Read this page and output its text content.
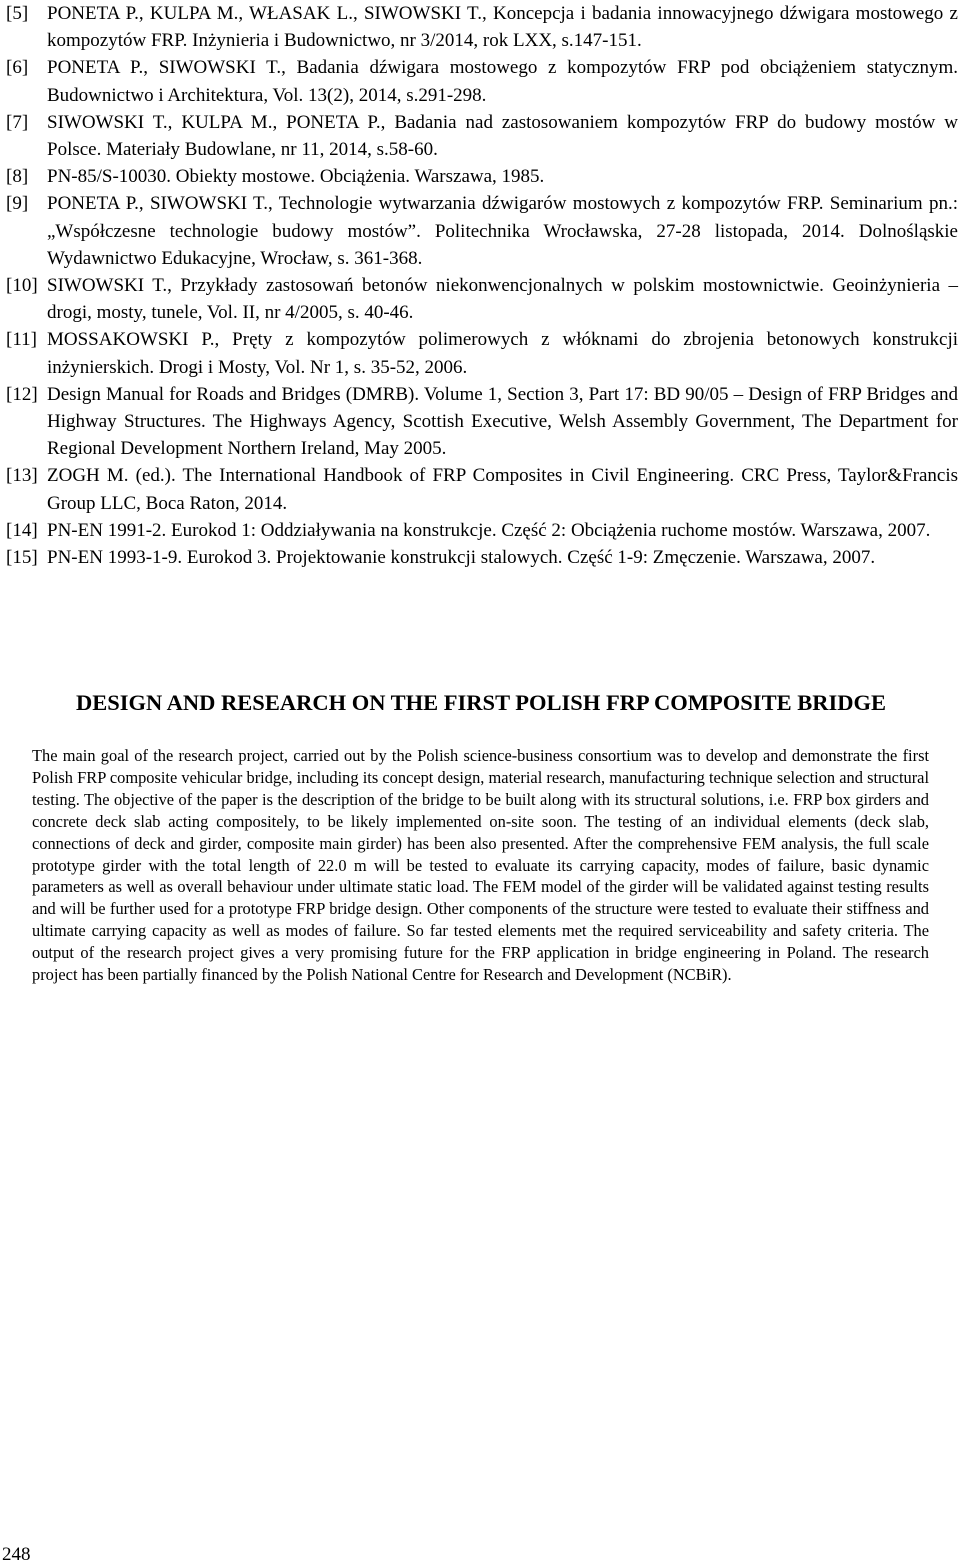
[5] PONETA P., KULPA M., WŁASAK L., SIWOWSKI T., Koncepcja i badania innowacyjnego dźwigara mostowego z kompozytów FRP. Inżynieria i Budownictwo, nr 3/2014, rok LXX, s.147-151.
[6] PONETA P., SIWOWSKI T., Badania dźwigara mostowego z kompozytów FRP pod obciążeniem statycznym. Budownictwo i Architektura, Vol. 13(2), 2014, s.291-298.
[7] SIWOWSKI T., KULPA M., PONETA P., Badania nad zastosowaniem kompozytów FRP do budowy mostów w Polsce. Materiały Budowlane, nr 11, 2014, s.58-60.
[8] PN-85/S-10030. Obiekty mostowe. Obciążenia. Warszawa, 1985.
[9] PONETA P., SIWOWSKI T., Technologie wytwarzania dźwigarów mostowych z kompozytów FRP. Seminarium pn.: „Współczesne technologie budowy mostów”. Politechnika Wrocławska, 27-28 listopada, 2014. Dolnośląskie Wydawnictwo Edukacyjne, Wrocław, s. 361-368.
[10] SIWOWSKI T., Przykłady zastosowań betonów niekonwencjonalnych w polskim mostownictwie. Geoinżynieria – drogi, mosty, tunele, Vol. II, nr 4/2005, s. 40-46.
[11] MOSSAKOWSKI P., Pręty z kompozytów polimerowych z włóknami do zbrojenia betonowych konstrukcji inżynierskich. Drogi i Mosty, Vol. Nr 1, s. 35-52, 2006.
[12] Design Manual for Roads and Bridges (DMRB). Volume 1, Section 3, Part 17: BD 90/05 – Design of FRP Bridges and Highway Structures. The Highways Agency, Scottish Executive, Welsh Assembly Government, The Department for Regional Development Northern Ireland, May 2005.
[13] ZOGH M. (ed.). The International Handbook of FRP Composites in Civil Engineering. CRC Press, Taylor&Francis Group LLC, Boca Raton, 2014.
[14] PN-EN 1991-2. Eurokod 1: Oddziaływania na konstrukcje. Część 2: Obciążenia ruchome mostów. Warszawa, 2007.
[15] PN-EN 1993-1-9. Eurokod 3. Projektowanie konstrukcji stalowych. Część 1-9: Zmęczenie. Warszawa, 2007.
DESIGN AND RESEARCH ON THE FIRST POLISH FRP COMPOSITE BRIDGE
The main goal of the research project, carried out by the Polish science-business consortium was to develop and demonstrate the first Polish FRP composite vehicular bridge, including its concept design, material research, manufacturing technique selection and structural testing. The objective of the paper is the description of the bridge to be built along with its structural solutions, i.e. FRP box girders and concrete deck slab acting compositely, to be likely implemented on-site soon. The testing of an individual elements (deck slab, connections of deck and girder, composite main girder) has been also presented. After the comprehensive FEM analysis, the full scale prototype girder with the total length of 22.0 m will be tested to evaluate its carrying capacity, modes of failure, basic dynamic parameters as well as overall behaviour under ultimate static load. The FEM model of the girder will be validated against testing results and will be further used for a prototype FRP bridge design. Other components of the structure were tested to evaluate their stiffness and ultimate carrying capacity as well as modes of failure. So far tested elements met the required serviceability and safety criteria. The output of the research project gives a very promising future for the FRP application in bridge engineering in Poland. The research project has been partially financed by the Polish National Centre for Research and Development (NCBiR).
248
